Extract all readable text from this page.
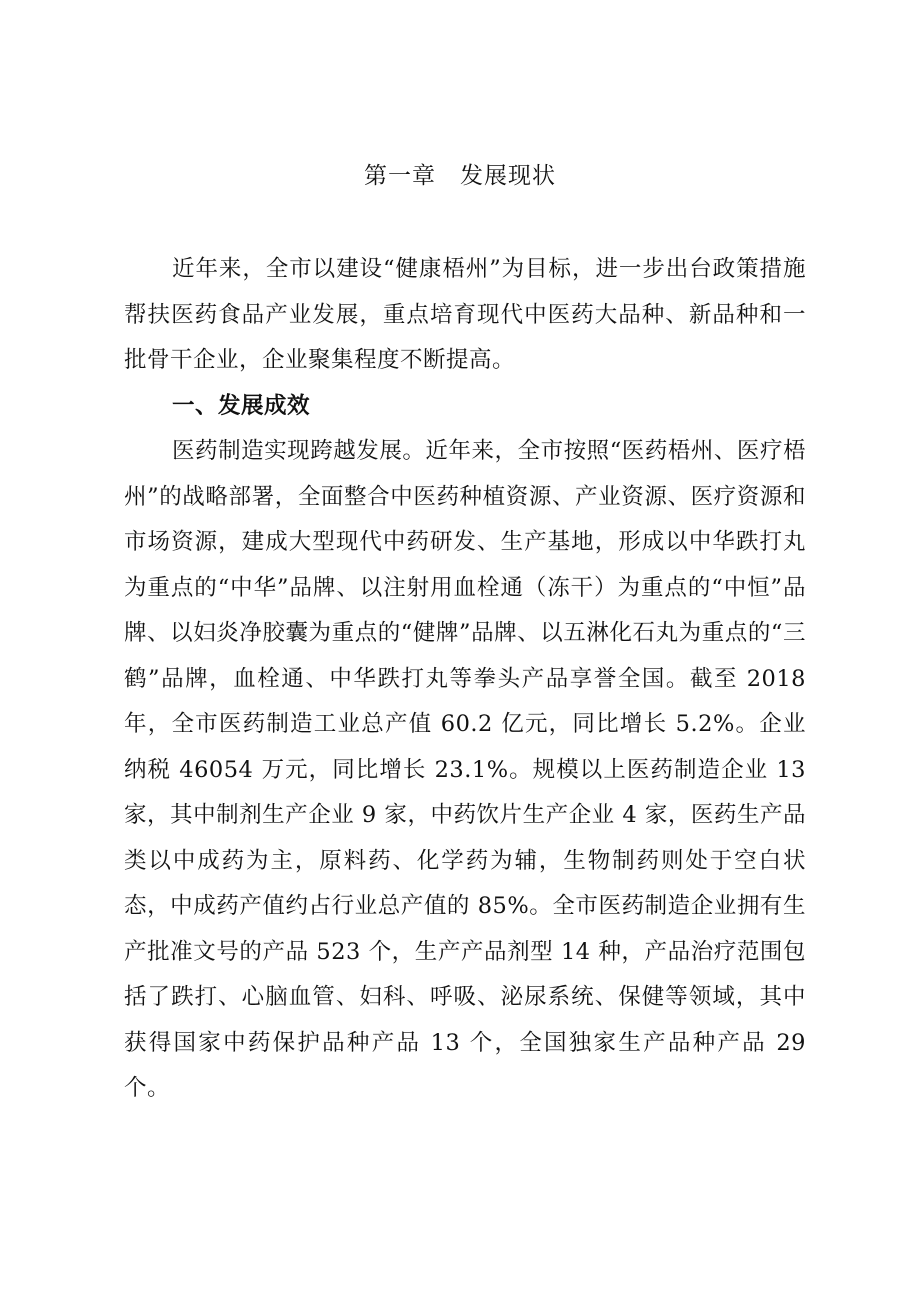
第一章　发展现状

近年来，全市以建设“健康梧州”为目标，进一步出台政策措施帮扶医药食品产业发展，重点培育现代中医药大品种、新品种和一批骨干企业，企业聚集程度不断提高。

一、发展成效

医药制造实现跨越发展。近年来，全市按照“医药梧州、医疗梧州”的战略部署，全面整合中医药种植资源、产业资源、医疗资源和市场资源，建成大型现代中药研发、生产基地，形成以中华跌打丸为重点的“中华”品牌、以注射用血栓通（冻干）为重点的“中恒”品牌、以妇炎净胶囊为重点的“健牌”品牌、以五淋化石丸为重点的“三鹤”品牌，血栓通、中华跌打丸等拳头产品享誉全国。截至 2018 年，全市医药制造工业总产值 60.2 亿元，同比增长 5.2%。企业纳税 46054 万元，同比增长 23.1%。规模以上医药制造企业 13 家，其中制剂生产企业 9 家，中药饮片生产企业 4 家，医药生产品类以中成药为主，原料药、化学药为辅，生物制药则处于空白状态，中成药产值约占行业总产值的 85%。全市医药制造企业拥有生产批准文号的产品 523 个，生产产品剂型 14 种，产品治疗范围包括了跌打、心脑血管、妇科、呼吸、泌尿系统、保健等领域，其中获得国家中药保护品种产品 13 个，全国独家生产品种产品 29 个。
